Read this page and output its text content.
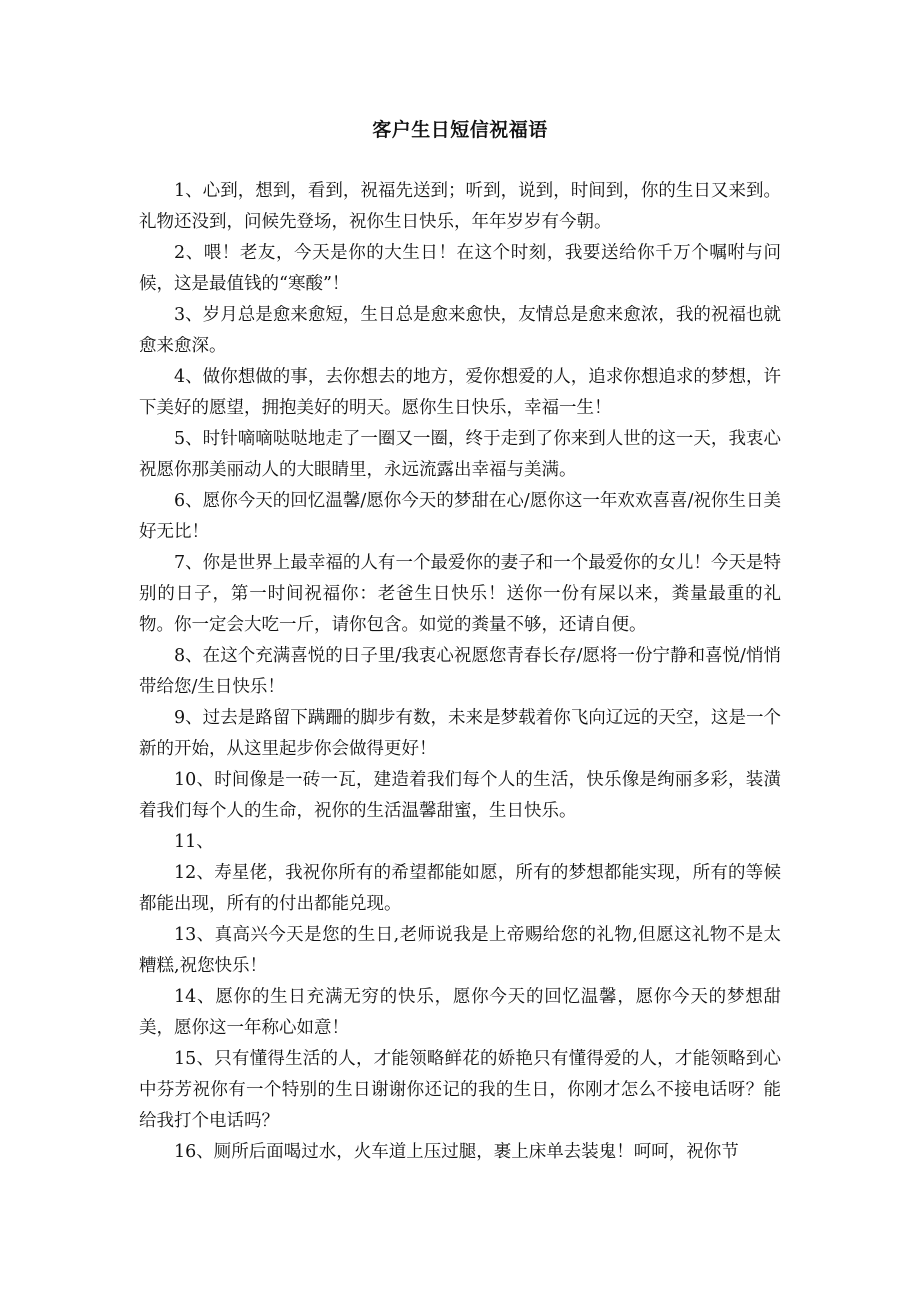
客户生日短信祝福语

1、心到，想到，看到，祝福先送到；听到，说到，时间到，你的生日又来到。礼物还没到，问候先登场，祝你生日快乐，年年岁岁有今朝。

2、喂！老友，今天是你的大生日！在这个时刻，我要送给你千万个嘱咐与问候，这是最值钱的“寒酸”！

3、岁月总是愈来愈短，生日总是愈来愈快，友情总是愈来愈浓，我的祝福也就愈来愈深。

4、做你想做的事，去你想去的地方，爱你想爱的人，追求你想追求的梦想，许下美好的愿望，拥抱美好的明天。愿你生日快乐，幸福一生！

5、时针嘀嘀哒哒地走了一圈又一圈，终于走到了你来到人世的这一天，我衷心祝愿你那美丽动人的大眼睛里，永远流露出幸福与美满。

6、愿你今天的回忆温馨/愿你今天的梦甜在心/愿你这一年欢欢喜喜/祝你生日美好无比！

7、你是世界上最幸福的人有一个最爱你的妻子和一个最爱你的女儿！今天是特别的日子，第一时间祝福你：老爸生日快乐！送你一份有屎以来，粪量最重的礼物。你一定会大吃一斤，请你包含。如觉的粪量不够，还请自便。

8、在这个充满喜悦的日子里/我衷心祝愿您青春长存/愿将一份宁静和喜悦/悄悄带给您/生日快乐！

9、过去是路留下蹒跚的脚步有数，未来是梦载着你飞向辽远的天空，这是一个新的开始，从这里起步你会做得更好！

10、时间像是一砖一瓦，建造着我们每个人的生活，快乐像是绚丽多彩，装潢着我们每个人的生命，祝你的生活温馨甜蜜，生日快乐。

11、

12、寿星佬，我祝你所有的希望都能如愿，所有的梦想都能实现，所有的等候都能出现，所有的付出都能兑现。

13、真高兴今天是您的生日,老师说我是上帝赐给您的礼物,但愿这礼物不是太糟糕,祝您快乐！

14、愿你的生日充满无穷的快乐，愿你今天的回忆温馨，愿你今天的梦想甜美，愿你这一年称心如意！

15、只有懂得生活的人，才能领略鲜花的娇艳只有懂得爱的人，才能领略到心中芬芳祝你有一个特别的生日谢谢你还记的我的生日，你刚才怎么不接电话呀？能给我打个电话吗？

16、厕所后面喝过水，火车道上压过腿，裹上床单去装鬼！呵呵，祝你节
